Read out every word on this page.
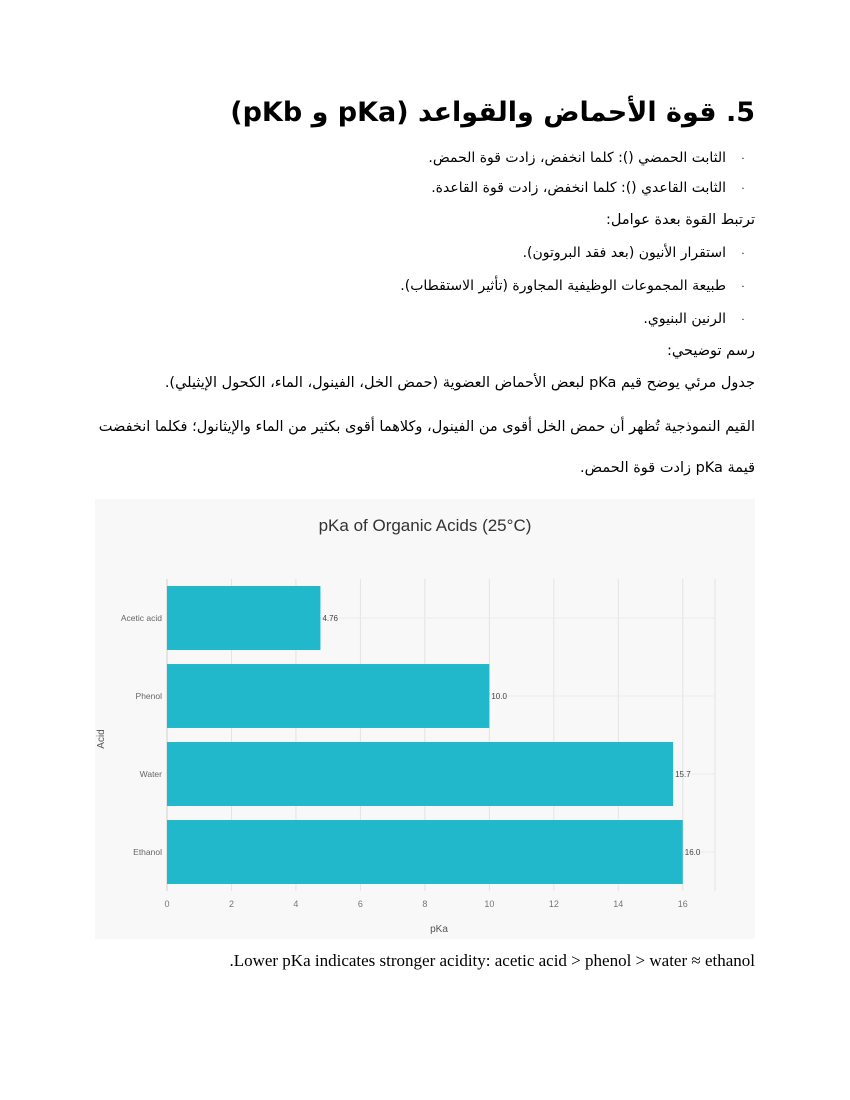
5. قوة الأحماض والقواعد (pKa و pKb)
·الثابت الحمضي (): كلما انخفض، زادت قوة الحمض.
·الثابت القاعدي (): كلما انخفض، زادت قوة القاعدة.
ترتبط القوة بعدة عوامل:
·استقرار الأنيون (بعد فقد البروتون).
·طبيعة المجموعات الوظيفية المجاورة (تأثير الاستقطاب).
·الرنين البنيوي.
رسم توضيحي:
جدول مرئي يوضح قيم pKa لبعض الأحماض العضوية (حمض الخل، الفينول، الماء، الكحول الإيثيلي).
القيم النموذجية تُظهر أن حمض الخل أقوى من الفينول، وكلاهما أقوى بكثير من الماء والإيثانول؛ فكلما انخفضت قيمة pKa زادت قوة الحمض.
pKa of Organic Acids (25°C)
0	2	4	6	8	10	12	14	16
Acetic acid	4.76
Phenol	10.0
Water	15.7
Ethanol	16.0
pKa
Acid
Lower pKa indicates stronger acidity: acetic acid > phenol > water ≈ ethanol.
